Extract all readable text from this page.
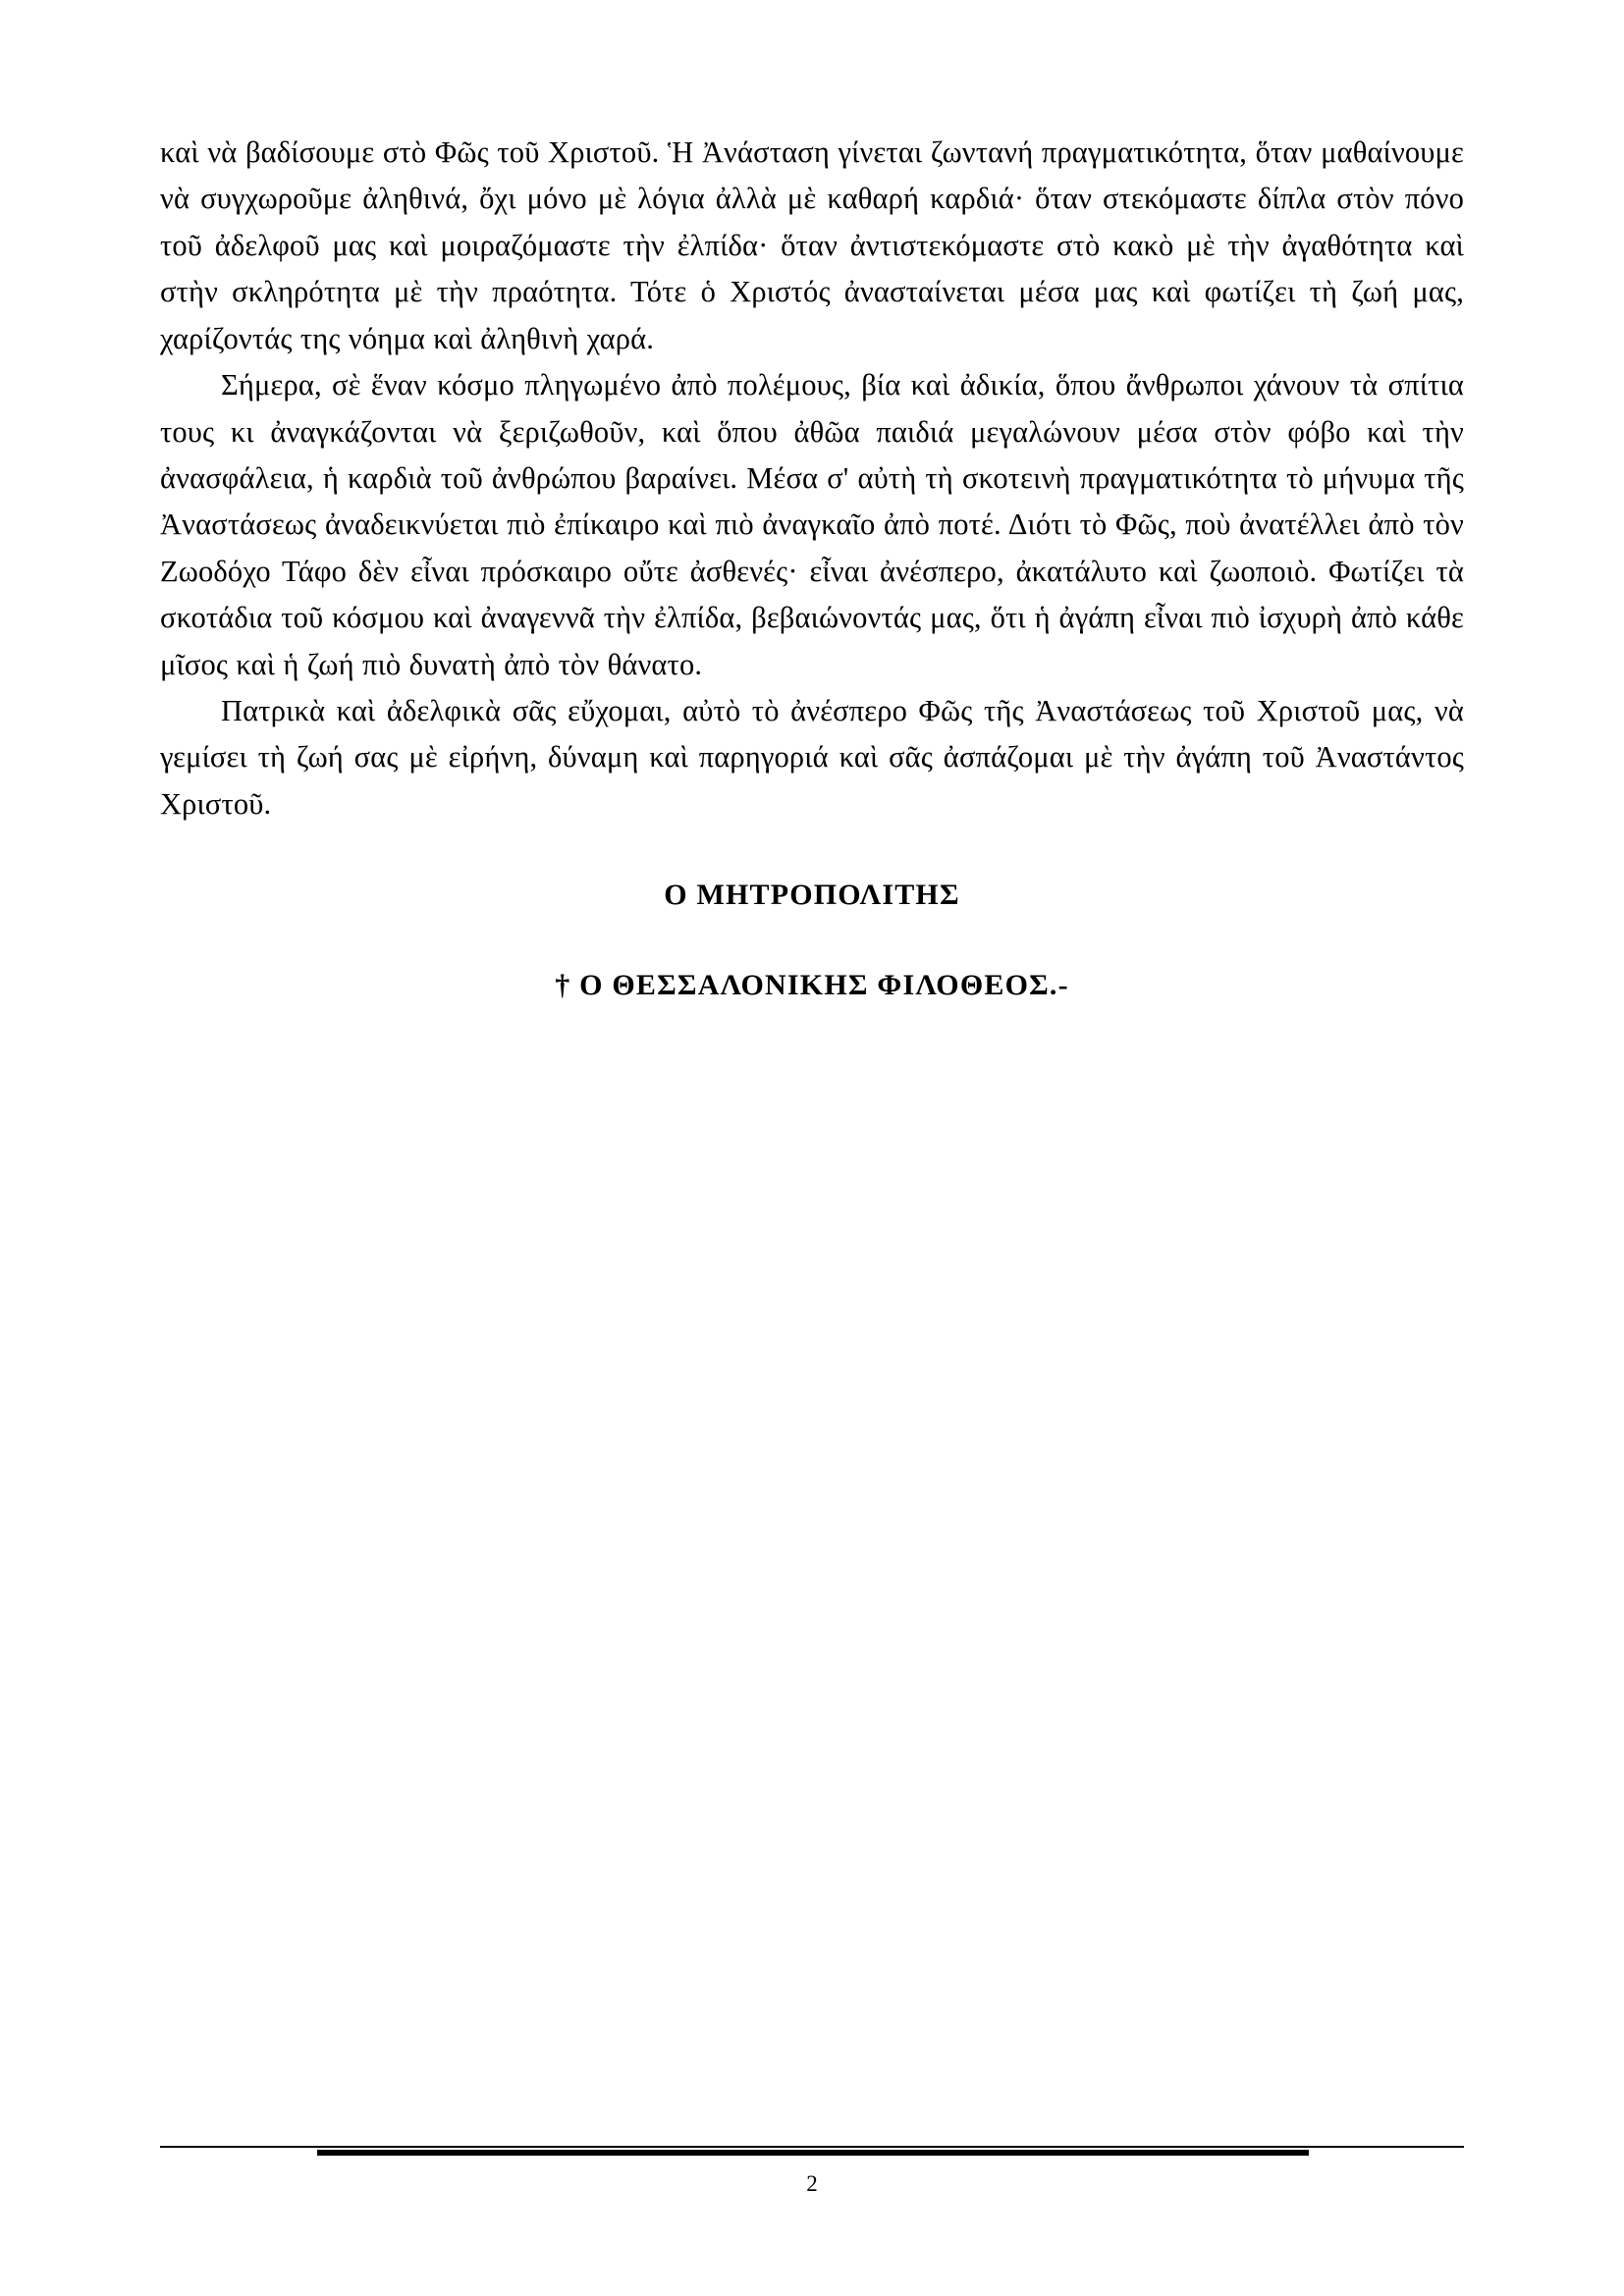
καὶ νὰ βαδίσουμε στὸ Φῶς τοῦ Χριστοῦ. Ἡ Ἀνάσταση γίνεται ζωντανή πραγματικότητα, ὅταν μαθαίνουμε νὰ συγχωροῦμε ἀληθινά, ὄχι μόνο μὲ λόγια ἀλλὰ μὲ καθαρή καρδιά· ὅταν στεκόμαστε δίπλα στὸν πόνο τοῦ ἀδελφοῦ μας καὶ μοιραζόμαστε τὴν ἐλπίδα· ὅταν ἀντιστεκόμαστε στὸ κακὸ μὲ τὴν ἀγαθότητα καὶ στὴν σκληρότητα μὲ τὴν πραότητα. Τότε ὁ Χριστός ἀνασταίνεται μέσα μας καὶ φωτίζει τὴ ζωή μας, χαρίζοντάς της νόημα καὶ ἀληθινὴ χαρά.

Σήμερα, σὲ ἕναν κόσμο πληγωμένο ἀπὸ πολέμους, βία καὶ ἀδικία, ὅπου ἄνθρωποι χάνουν τὰ σπίτια τους κι ἀναγκάζονται νὰ ξεριζωθοῦν, καὶ ὅπου ἀθῶα παιδιά μεγαλώνουν μέσα στὸν φόβο καὶ τὴν ἀνασφάλεια, ἡ καρδιὰ τοῦ ἀνθρώπου βαραίνει. Μέσα σ' αὐτὴ τὴ σκοτεινὴ πραγματικότητα τὸ μήνυμα τῆς Ἀναστάσεως ἀναδεικνύεται πιὸ ἐπίκαιρο καὶ πιὸ ἀναγκαῖο ἀπὸ ποτέ. Διότι τὸ Φῶς, ποὺ ἀνατέλλει ἀπὸ τὸν Ζωοδόχο Τάφο δὲν εἶναι πρόσκαιρο οὔτε ἀσθενές· εἶναι ἀνέσπερο, ἀκατάλυτο καὶ ζωοποιὸ. Φωτίζει τὰ σκοτάδια τοῦ κόσμου καὶ ἀναγεννᾶ τὴν ἐλπίδα, βεβαιώνοντάς μας, ὅτι ἡ ἀγάπη εἶναι πιὸ ἰσχυρὴ ἀπὸ κάθε μῖσος καὶ ἡ ζωή πιὸ δυνατὴ ἀπὸ τὸν θάνατο.

Πατρικὰ καὶ ἀδελφικὰ σᾶς εὔχομαι, αὐτὸ τὸ ἀνέσπερο Φῶς τῆς Ἀναστάσεως τοῦ Χριστοῦ μας, νὰ γεμίσει τὴ ζωή σας μὲ εἰρήνη, δύναμη καὶ παρηγοριά καὶ σᾶς ἀσπάζομαι μὲ τὴν ἀγάπη τοῦ Ἀναστάντος Χριστοῦ.

Ο ΜΗΤΡΟΠΟΛΙΤΗΣ
† Ο ΘΕΣΣΑΛΟΝΙΚΗΣ ΦΙΛΟΘΕΟΣ.-
2
